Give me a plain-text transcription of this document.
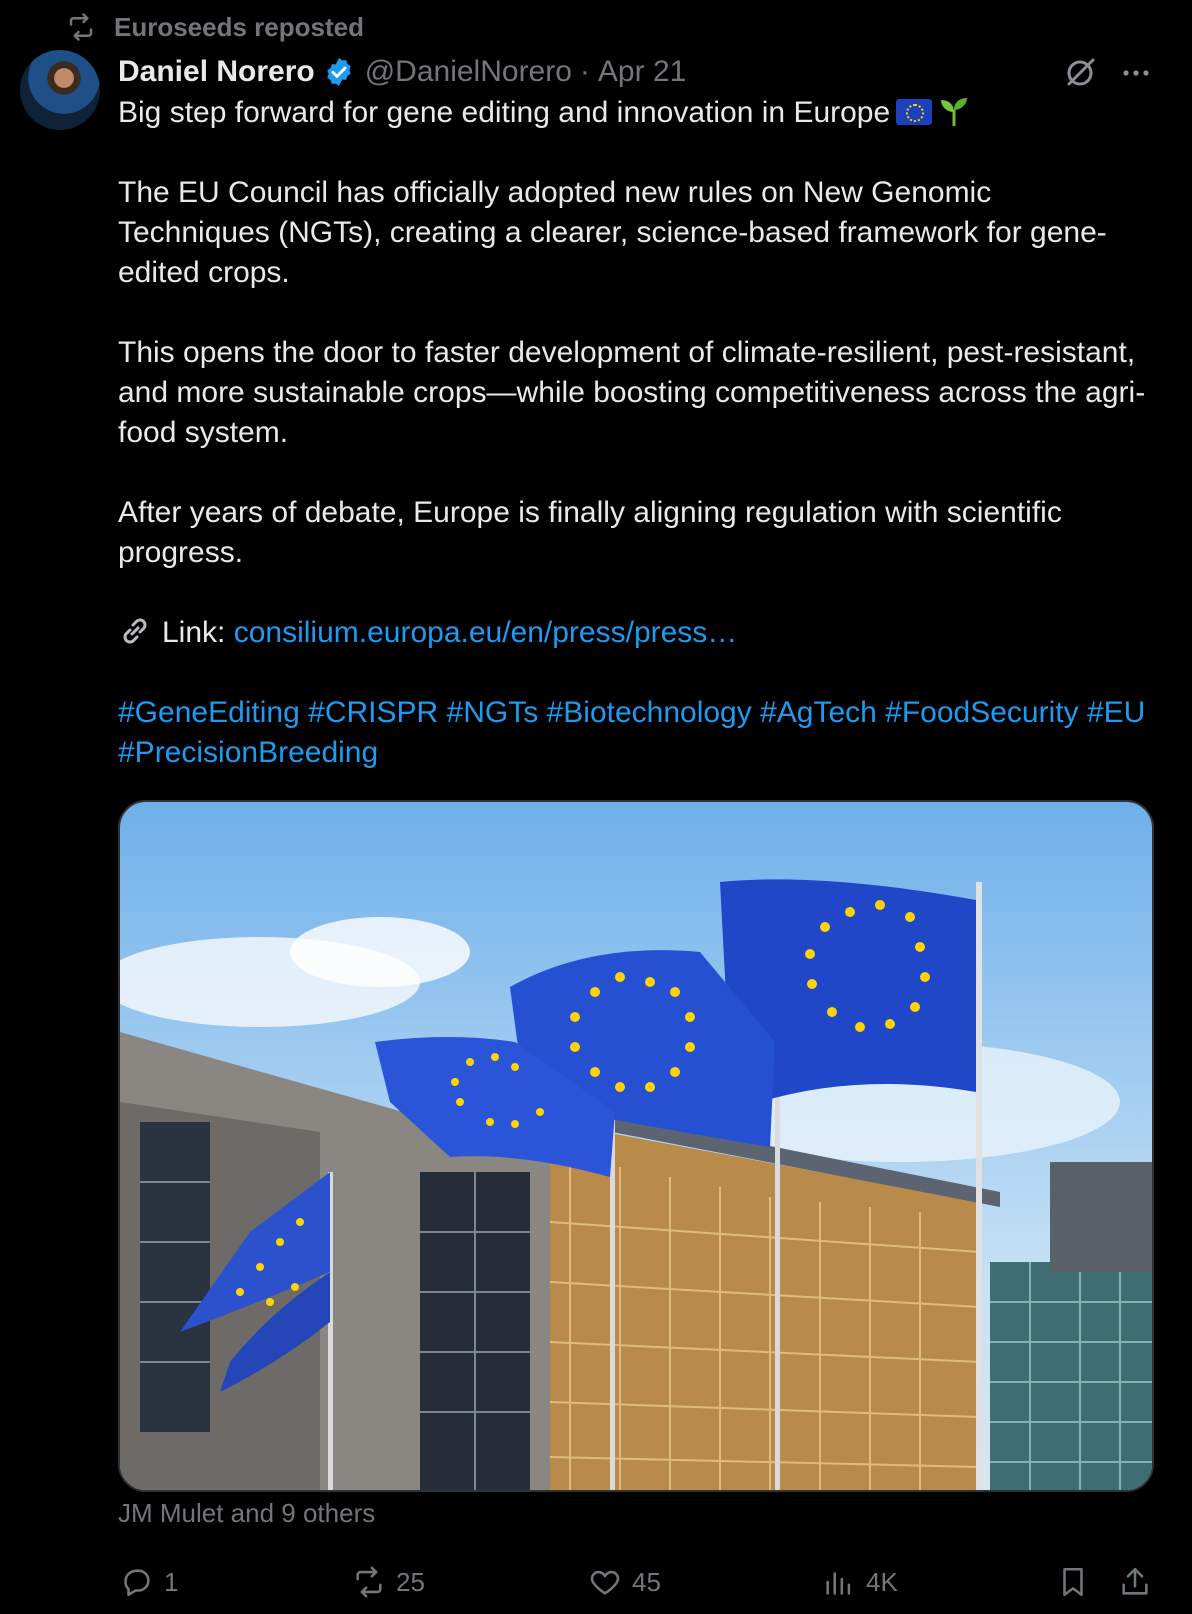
Euroseeds reposted
Daniel Norero @DanielNorero · Apr 21

Big step forward for gene editing and innovation in Europe

The EU Council has officially adopted new rules on New Genomic Techniques (NGTs), creating a clearer, science-based framework for gene-edited crops.

This opens the door to faster development of climate-resilient, pest-resistant, and more sustainable crops—while boosting competitiveness across the agri-food system.

After years of debate, Europe is finally aligning regulation with scientific progress.

Link: consilium.europa.eu/en/press/press…

#GeneEditing #CRISPR #NGTs #Biotechnology #AgTech #FoodSecurity #EU #PrecisionBreeding

JM Mulet and 9 others
1	25	45	4K
